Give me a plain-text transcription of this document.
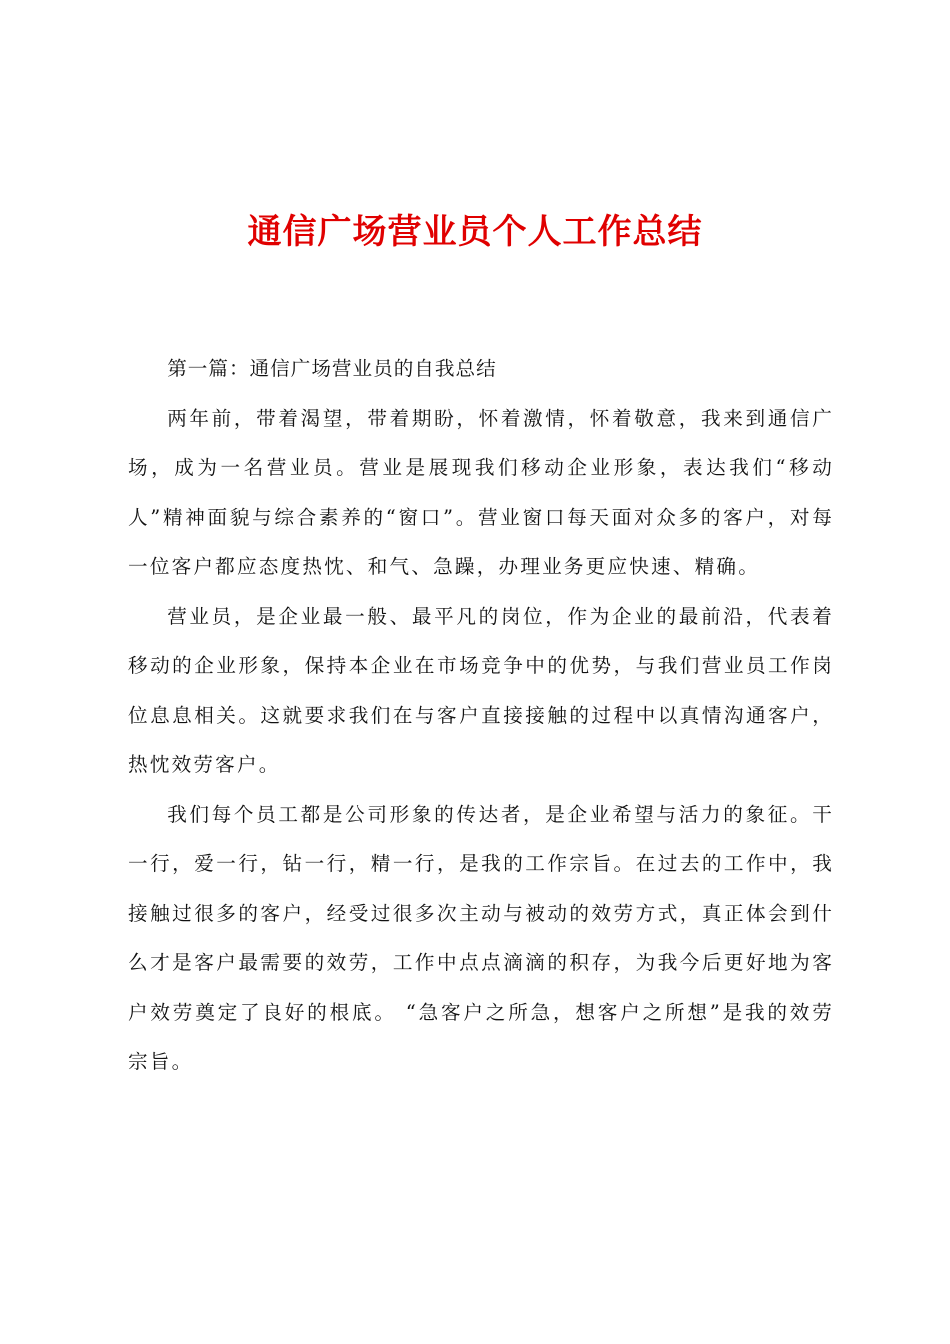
通信广场营业员个人工作总结

第一篇：通信广场营业员的自我总结

两年前，带着渴望，带着期盼，怀着激情，怀着敬意，我来到通信广场，成为一名营业员。营业是展现我们移动企业形象，表达我们“移动人”精神面貌与综合素养的“窗口”。营业窗口每天面对众多的客户，对每一位客户都应态度热忱、和气、急躁，办理业务更应快速、精确。

营业员，是企业最一般、最平凡的岗位，作为企业的最前沿，代表着移动的企业形象，保持本企业在市场竞争中的优势，与我们营业员工作岗位息息相关。这就要求我们在与客户直接接触的过程中以真情沟通客户，热忱效劳客户。

我们每个员工都是公司形象的传达者，是企业希望与活力的象征。干一行，爱一行，钻一行，精一行，是我的工作宗旨。在过去的工作中，我接触过很多的客户，经受过很多次主动与被动的效劳方式，真正体会到什么才是客户最需要的效劳，工作中点点滴滴的积存，为我今后更好地为客户效劳奠定了良好的根底。 “急客户之所急，想客户之所想”是我的效劳宗旨。
